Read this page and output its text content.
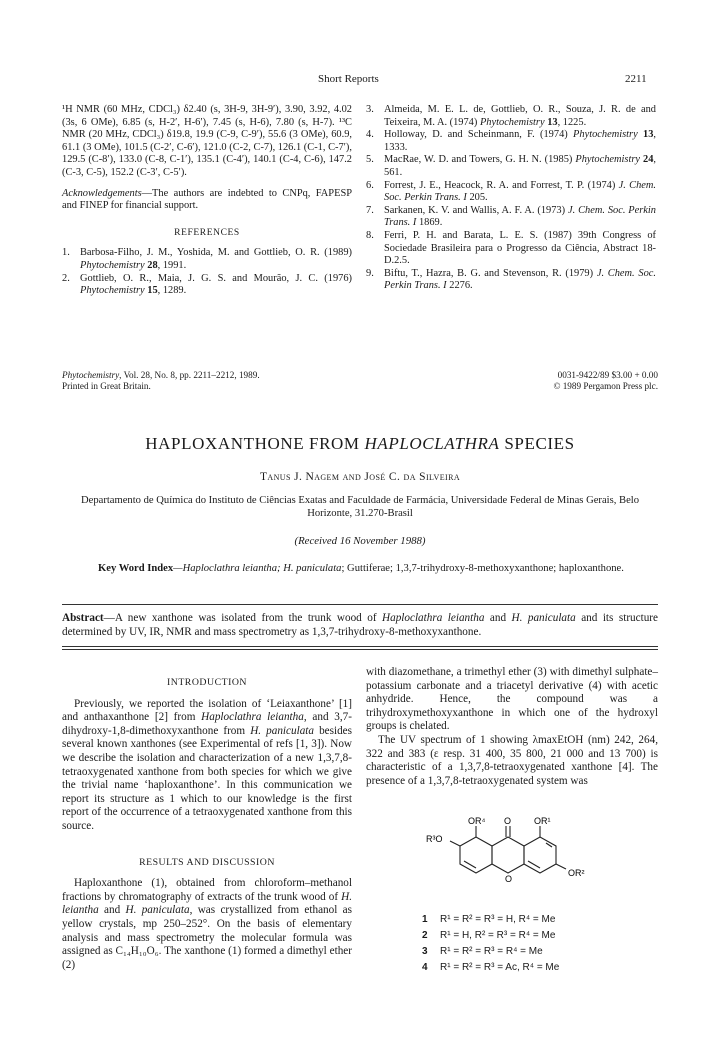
Short Reports	2211

¹H NMR (60 MHz, CDCl₃) δ2.40 (s, 3H-9, 3H-9′), 3.90, 3.92, 4.02 (3s, 6 OMe), 6.85 (s, H-2′, H-6′), 7.45 (s, H-6), 7.80 (s, H-7). ¹³C NMR (20 MHz, CDCl₃) δ19.8, 19.9 (C-9, C-9′), 55.6 (3 OMe), 60.9, 61.1 (3 OMe), 101.5 (C-2′, C-6′), 121.0 (C-2, C-7), 126.1 (C-1, C-7′), 129.5 (C-8′), 133.0 (C-8, C-1′), 135.1 (C-4′), 140.1 (C-4, C-6), 147.2 (C-3, C-5), 152.2 (C-3′, C-5′).

Acknowledgements—The authors are indebted to CNPq, FAPESP and FINEP for financial support.

REFERENCES

1. Barbosa-Filho, J. M., Yoshida, M. and Gottlieb, O. R. (1989) Phytochemistry 28, 1991.

2. Gottlieb, O. R., Maia, J. G. S. and Mourão, J. C. (1976) Phytochemistry 15, 1289.

3. Almeida, M. E. L. de, Gottlieb, O. R., Souza, J. R. de and Teixeira, M. A. (1974) Phytochemistry 13, 1225.

4. Holloway, D. and Scheinmann, F. (1974) Phytochemistry 13, 1333.

5. MacRae, W. D. and Towers, G. H. N. (1985) Phytochemistry 24, 561.

6. Forrest, J. E., Heacock, R. A. and Forrest, T. P. (1974) J. Chem. Soc. Perkin Trans. I 205.

7. Sarkanen, K. V. and Wallis, A. F. A. (1973) J. Chem. Soc. Perkin Trans. I 1869.

8. Ferri, P. H. and Barata, L. E. S. (1987) 39th Congress of Sociedade Brasileira para o Progresso da Ciência, Abstract 18-D.2.5.

9. Biftu, T., Hazra, B. G. and Stevenson, R. (1979) J. Chem. Soc. Perkin Trans. I 2276.

Phytochemistry, Vol. 28, No. 8, pp. 2211–2212, 1989.
Printed in Great Britain.
0031-9422/89 $3.00 + 0.00
© 1989 Pergamon Press plc.
HAPLOXANTHONE FROM HAPLOCLATHRA SPECIES
Tanus J. Nagem and José C. da Silveira
Departamento de Química do Instituto de Ciências Exatas and Faculdade de Farmácia, Universidade Federal de Minas Gerais, Belo Horizonte, 31.270-Brasil
(Received 16 November 1988)
Key Word Index—Haploclathra leiantha; H. paniculata; Guttiferae; 1,3,7-trihydroxy-8-methoxyxanthone; haploxanthone.
Abstract—A new xanthone was isolated from the trunk wood of Haploclathra leiantha and H. paniculata and its structure determined by UV, IR, NMR and mass spectrometry as 1,3,7-trihydroxy-8-methoxyxanthone.
INTRODUCTION

Previously, we reported the isolation of ‘Leiaxanthone’ [1] and anthaxanthone [2] from Haploclathra leiantha, and 3,7-dihydroxy-1,8-dimethoxyxanthone from H. paniculata besides several known xanthones (see Experimental of refs [1, 3]). Now we describe the isolation and characterization of a new 1,3,7,8-tetraoxygenated xanthone from both species for which we give the trivial name ‘haploxanthone’. In this communication we report its structure as 1 which to our knowledge is the first report of the occurrence of a tetraoxygenated xanthone from this source.

RESULTS AND DISCUSSION

Haploxanthone (1), obtained from chloroform–methanol fractions by chromatography of extracts of the trunk wood of H. leiantha and H. paniculata, was crystallized from ethanol as yellow crystals, mp 250–252°. On the basis of elementary analysis and mass spectrometry the molecular formula was assigned as C₁₄H₁₀O₆. The xanthone (1) formed a dimethyl ether (2)

with diazomethane, a trimethyl ether (3) with dimethyl sulphate–potassium carbonate and a triacetyl derivative (4) with acetic anhydride. Hence, the compound was a trihydroxymethoxyxanthone in which one of the hydroxyl groups is chelated.

The UV spectrum of 1 showing λmaxEtOH (nm) 242, 264, 322 and 383 (ε resp. 31 400, 35 800, 21 000 and 13 700) is characteristic of a 1,3,7,8-tetraoxygenated xanthone [4]. The presence of a 1,3,7,8-tetraoxygenated system was

OR⁴ O	OR¹
R³O
O
OR²
1 R¹ = R² = R³ = H, R⁴ = Me
2 R¹ = H, R² = R³ = R⁴ = Me
3 R¹ = R² = R³ = R⁴ = Me
4 R¹ = R² = R³ = Ac, R⁴ = Me
